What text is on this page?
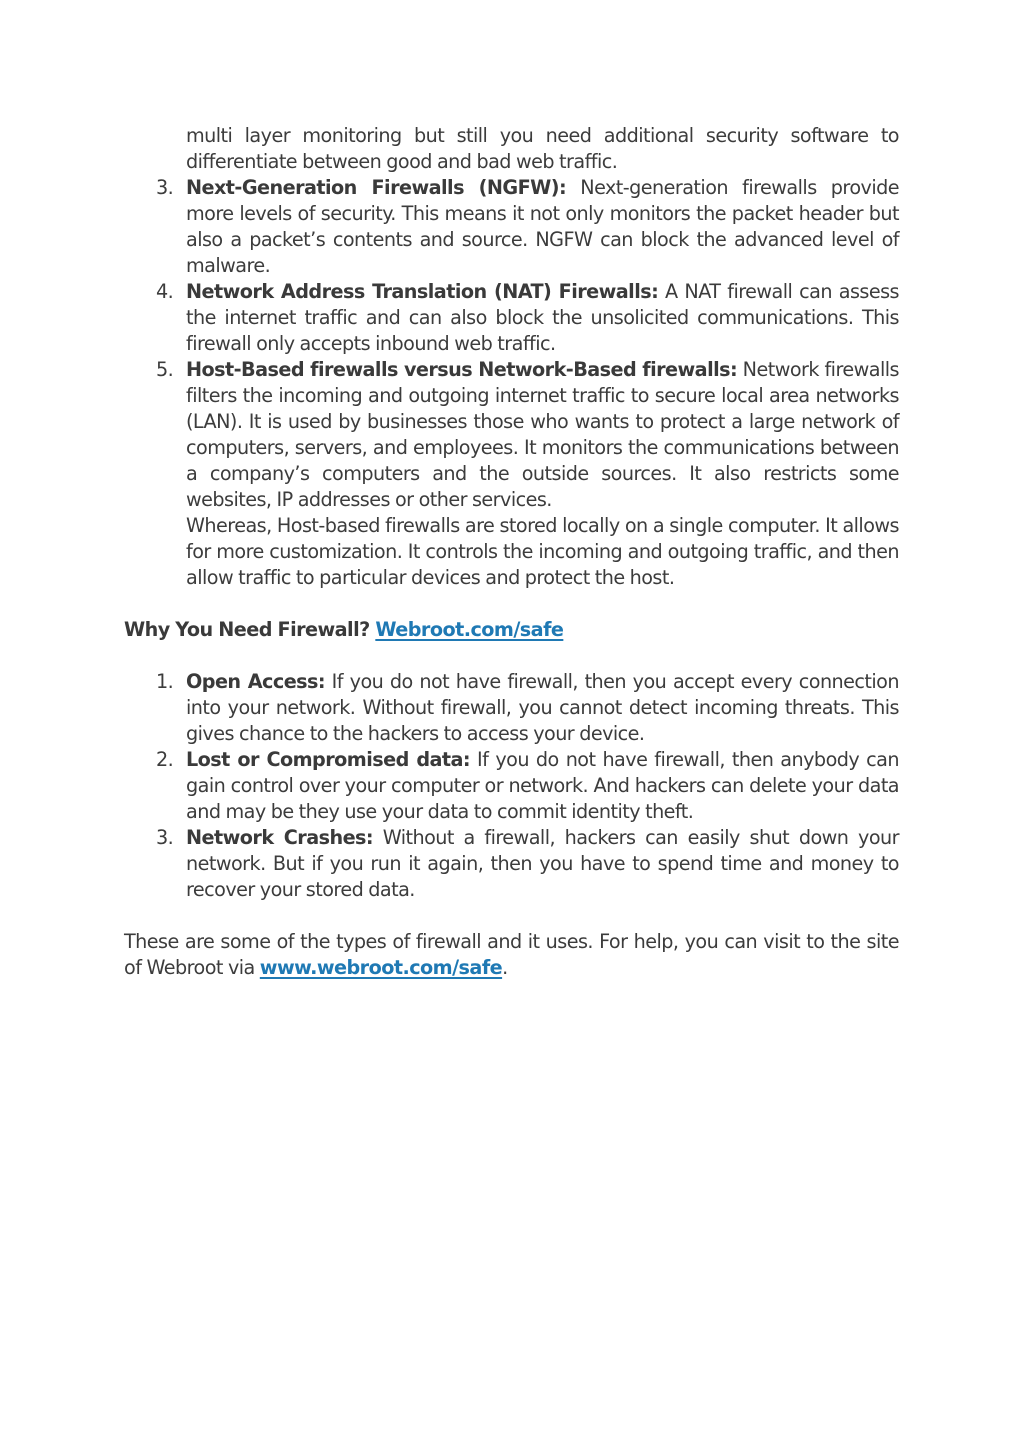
multi layer monitoring but still you need additional security software to differentiate between good and bad web traffic.
3. Next-Generation Firewalls (NGFW): Next-generation firewalls provide more levels of security. This means it not only monitors the packet header but also a packet’s contents and source. NGFW can block the advanced level of malware.
4. Network Address Translation (NAT) Firewalls: A NAT firewall can assess the internet traffic and can also block the unsolicited communications. This firewall only accepts inbound web traffic.
5. Host-Based firewalls versus Network-Based firewalls: Network firewalls filters the incoming and outgoing internet traffic to secure local area networks (LAN). It is used by businesses those who wants to protect a large network of computers, servers, and employees. It monitors the communications between a company’s computers and the outside sources. It also restricts some websites, IP addresses or other services.
Whereas, Host-based firewalls are stored locally on a single computer. It allows for more customization. It controls the incoming and outgoing traffic, and then allow traffic to particular devices and protect the host.
Why You Need Firewall? Webroot.com/safe
1. Open Access: If you do not have firewall, then you accept every connection into your network. Without firewall, you cannot detect incoming threats. This gives chance to the hackers to access your device.
2. Lost or Compromised data: If you do not have firewall, then anybody can gain control over your computer or network. And hackers can delete your data and may be they use your data to commit identity theft.
3. Network Crashes: Without a firewall, hackers can easily shut down your network. But if you run it again, then you have to spend time and money to recover your stored data.
These are some of the types of firewall and it uses. For help, you can visit to the site of Webroot via www.webroot.com/safe.
